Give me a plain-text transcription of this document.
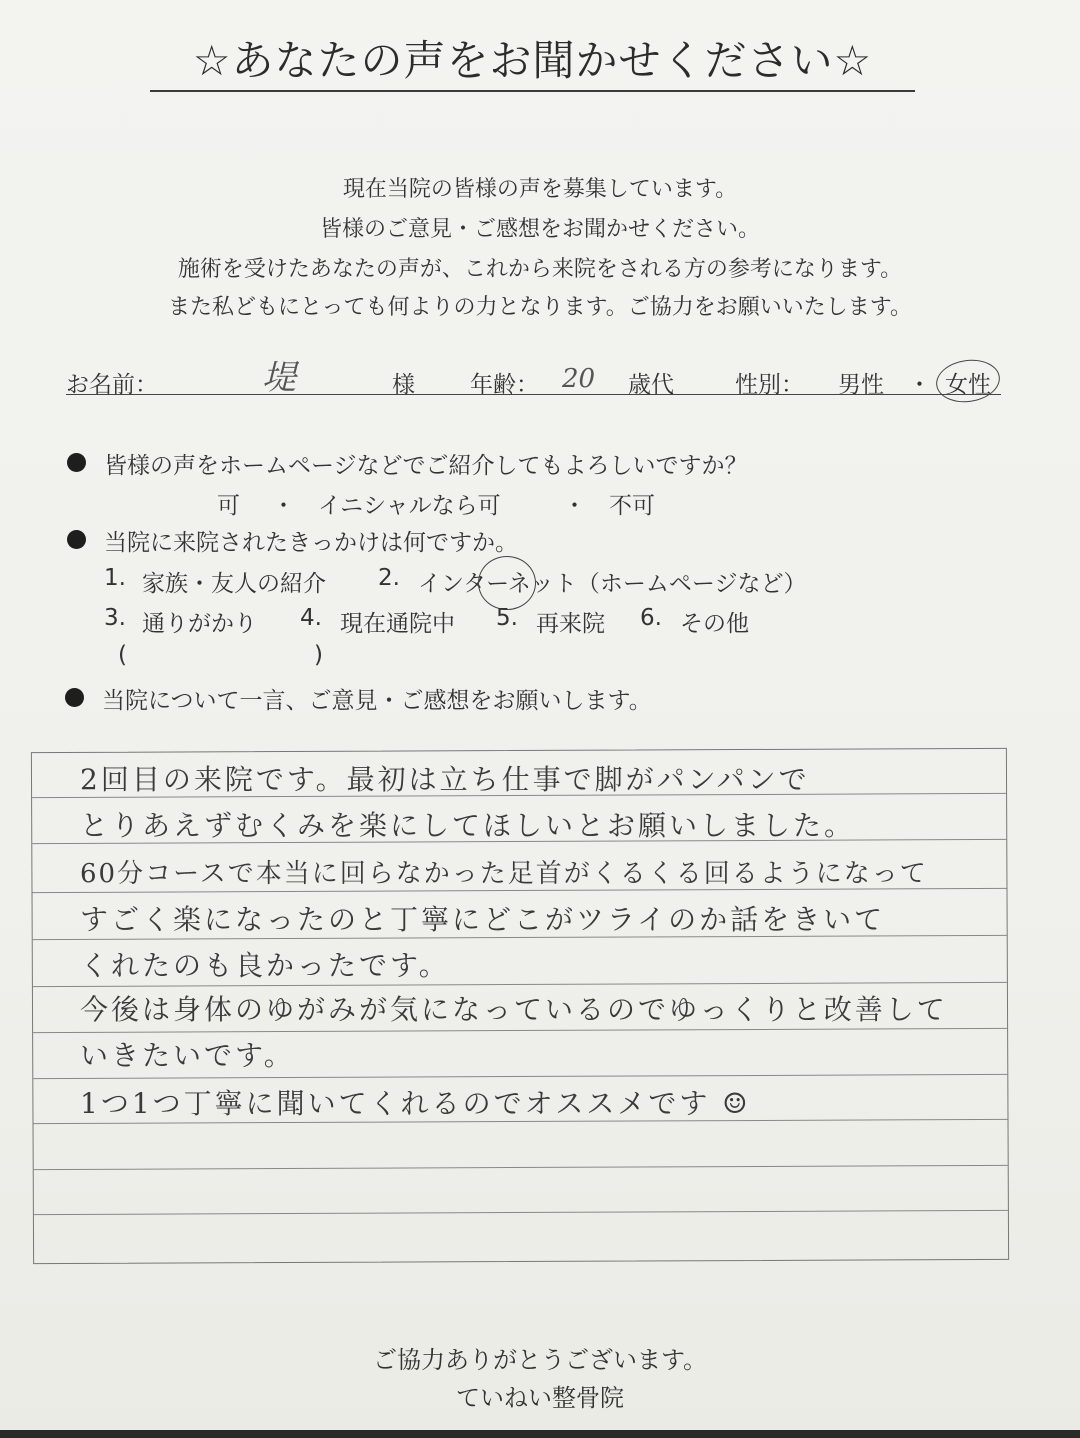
☆あなたの声をお聞かせください☆
現在当院の皆様の声を募集しています。
皆様のご意見・ご感想をお聞かせください。
施術を受けたあなたの声が、これから来院をされる方の参考になります。
また私どもにとっても何よりの力となります。ご協力をお願いいたします。
お名前：	堤	様 年齢： 20 歳代	性別： 男性 ・ 女性
皆様の声をホームページなどでご紹介してもよろしいですか？
可 ・ イニシャルなら可	・ 不可
当院に来院されたきっかけは何ですか。
1. 家族・友人の紹介 2. インターネット（ホームページなど）
3. 通りがかり 4. 現在通院中 5. 再来院 6. その他
(	)
当院について一言、ご意見・ご感想をお願いします。
2回目の来院です。最初は立ち仕事で脚がパンパンで
とりあえずむくみを楽にしてほしいとお願いしました。
60分コースで本当に回らなかった足首がくるくる回るようになって
すごく楽になったのと丁寧にどこがツライのか話をきいて
くれたのも良かったです。
今後は身体のゆがみが気になっているのでゆっくりと改善して
いきたいです。
1つ1つ丁寧に聞いてくれるのでオススメです ☺
ご協力ありがとうございます。
ていねい整骨院
